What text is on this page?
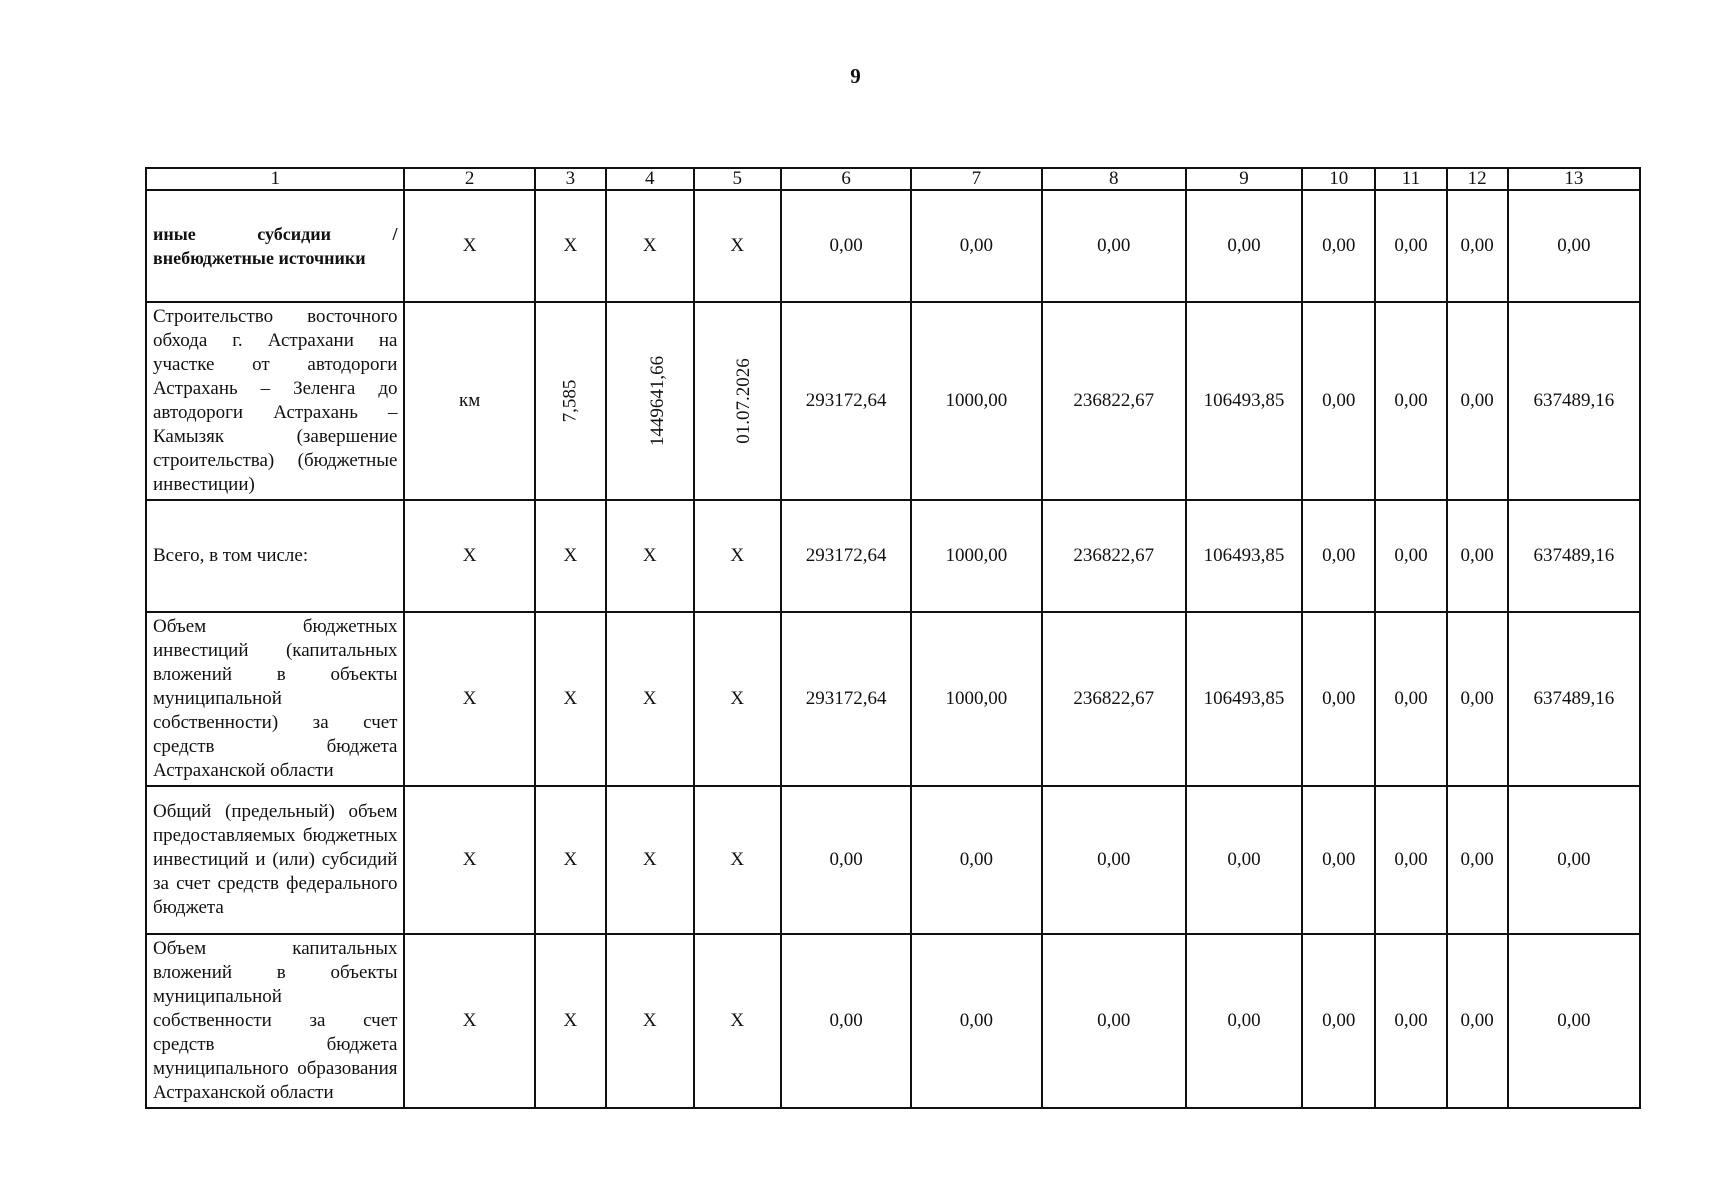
9
1	2	3	4	5	6	7	8	9	10	11	12	13
иные субсидии / внебюджетные источники	Х	Х	Х	Х	0,00	0,00	0,00	0,00	0,00	0,00	0,00	0,00
Строительство восточного обхода г. Астрахани на участке от автодороги Астрахань – Зеленга до автодороги Астрахань – Камызяк (завершение строительства) (бюджетные инвестиции)	км	7,585	1449641,66	01.07.2026	293172,64	1000,00	236822,67	106493,85	0,00	0,00	0,00	637489,16
Всего, в том числе:	Х	Х	Х	Х	293172,64	1000,00	236822,67	106493,85	0,00	0,00	0,00	637489,16
Объем бюджетных инвестиций (капитальных вложений в объекты муниципальной собственности) за счет средств бюджета Астраханской области	Х	Х	Х	Х	293172,64	1000,00	236822,67	106493,85	0,00	0,00	0,00	637489,16
Общий (предельный) объем предоставляемых бюджетных инвестиций и (или) субсидий за счет средств федерального бюджета	Х	Х	Х	Х	0,00	0,00	0,00	0,00	0,00	0,00	0,00	0,00
Объем капитальных вложений в объекты муниципальной собственности за счет средств бюджета муниципального образования Астраханской области	Х	Х	Х	Х	0,00	0,00	0,00	0,00	0,00	0,00	0,00	0,00
